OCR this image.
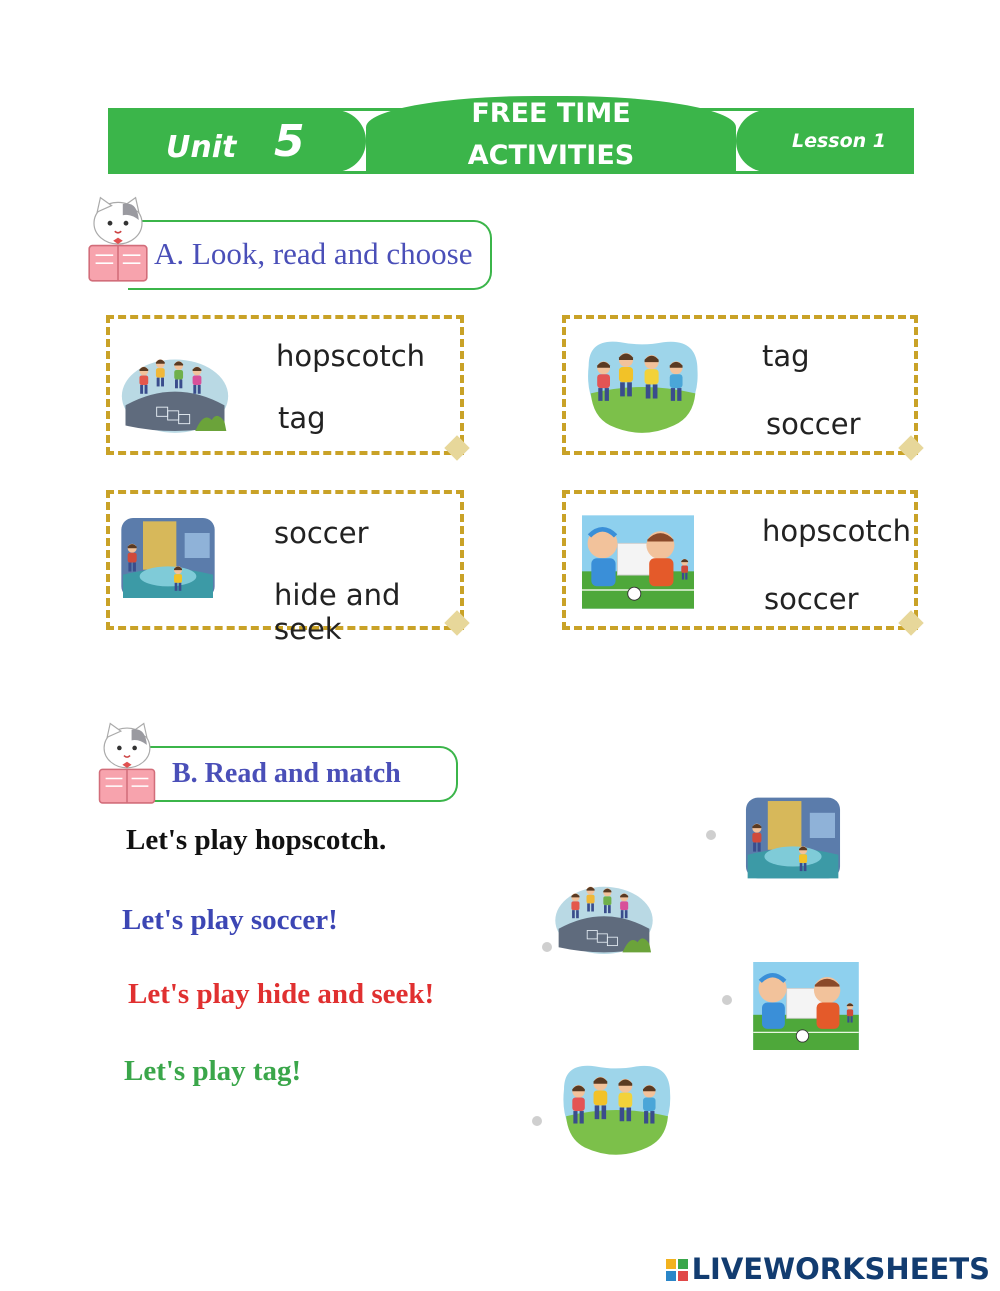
Unit 5
FREE TIME
ACTIVITIES	Lesson 1
A. Look, read and choose
hopscotch
tag
tag
soccer
soccer
hide and seek
hopscotch
soccer
B. Read and match
Let's play hopscotch.
Let's play soccer!
Let's play hide and seek!
Let's play tag!
LIVEWORKSHEETS
